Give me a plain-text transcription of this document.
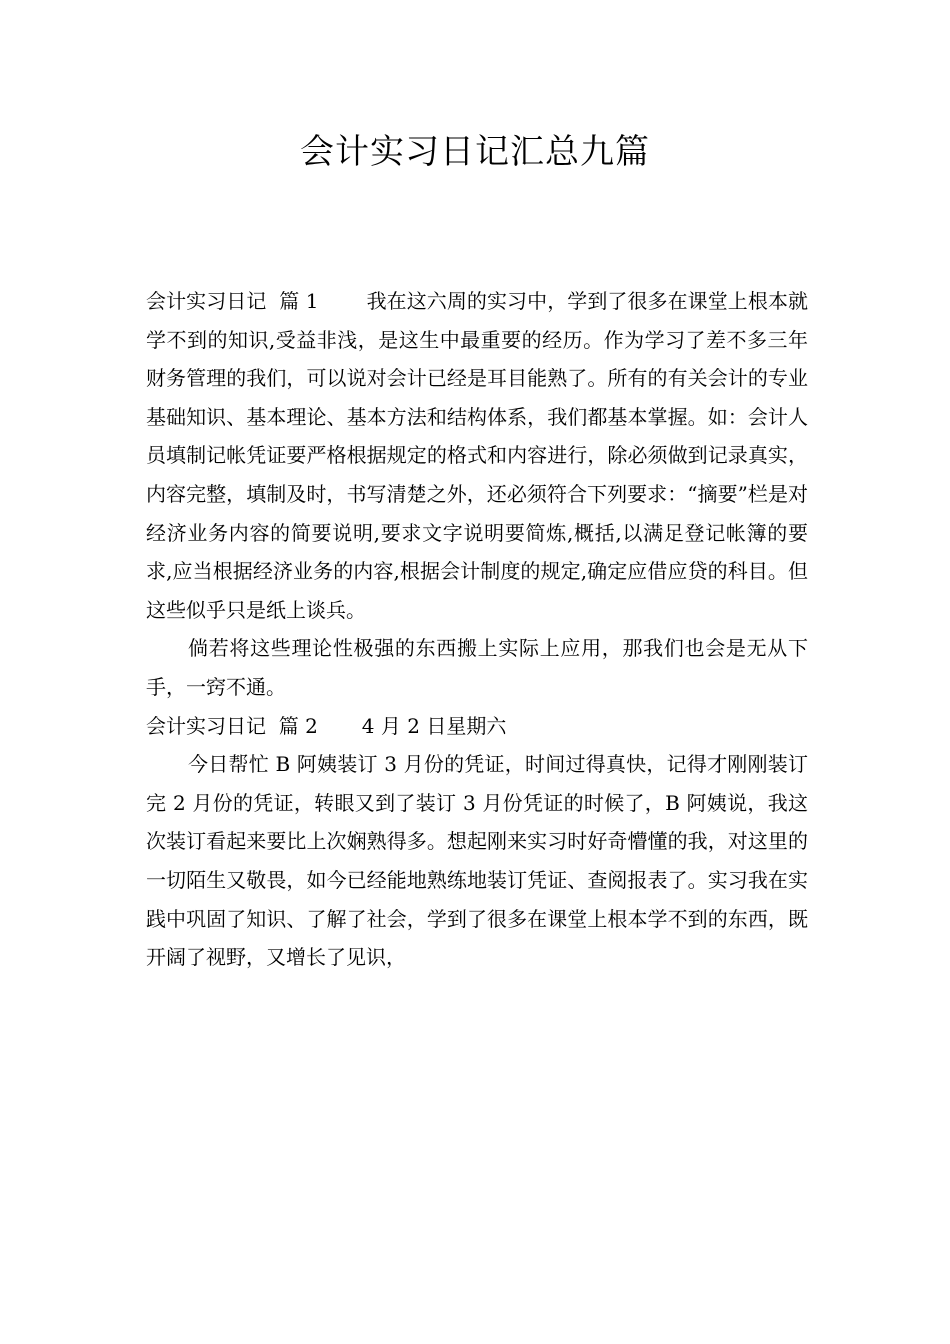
会计实习日记汇总九篇

会计实习日记  篇 1 我在这六周的实习中，学到了很多在课堂上根本就学不到的知识,受益非浅，是这生中最重要的经历。作为学习了差不多三年财务管理的我们，可以说对会计已经是耳目能熟了。所有的有关会计的专业基础知识、基本理论、基本方法和结构体系，我们都基本掌握。如：会计人员填制记帐凭证要严格根据规定的格式和内容进行，除必须做到记录真实，内容完整，填制及时，书写清楚之外，还必须符合下列要求：“摘要”栏是对经济业务内容的简要说明,要求文字说明要简炼,概括,以满足登记帐簿的要求,应当根据经济业务的内容,根据会计制度的规定,确定应借应贷的科目。但这些似乎只是纸上谈兵。

倘若将这些理论性极强的东西搬上实际上应用，那我们也会是无从下手，一窍不通。

会计实习日记  篇 2 4 月 2 日星期六

今日帮忙 B 阿姨装订 3 月份的凭证，时间过得真快，记得才刚刚装订完 2 月份的凭证，转眼又到了装订 3 月份凭证的时候了，B 阿姨说，我这次装订看起来要比上次娴熟得多。想起刚来实习时好奇懵懂的我，对这里的一切陌生又敬畏，如今已经能地熟练地装订凭证、查阅报表了。实习我在实践中巩固了知识、了解了社会，学到了很多在课堂上根本学不到的东西，既开阔了视野，又增长了见识，
